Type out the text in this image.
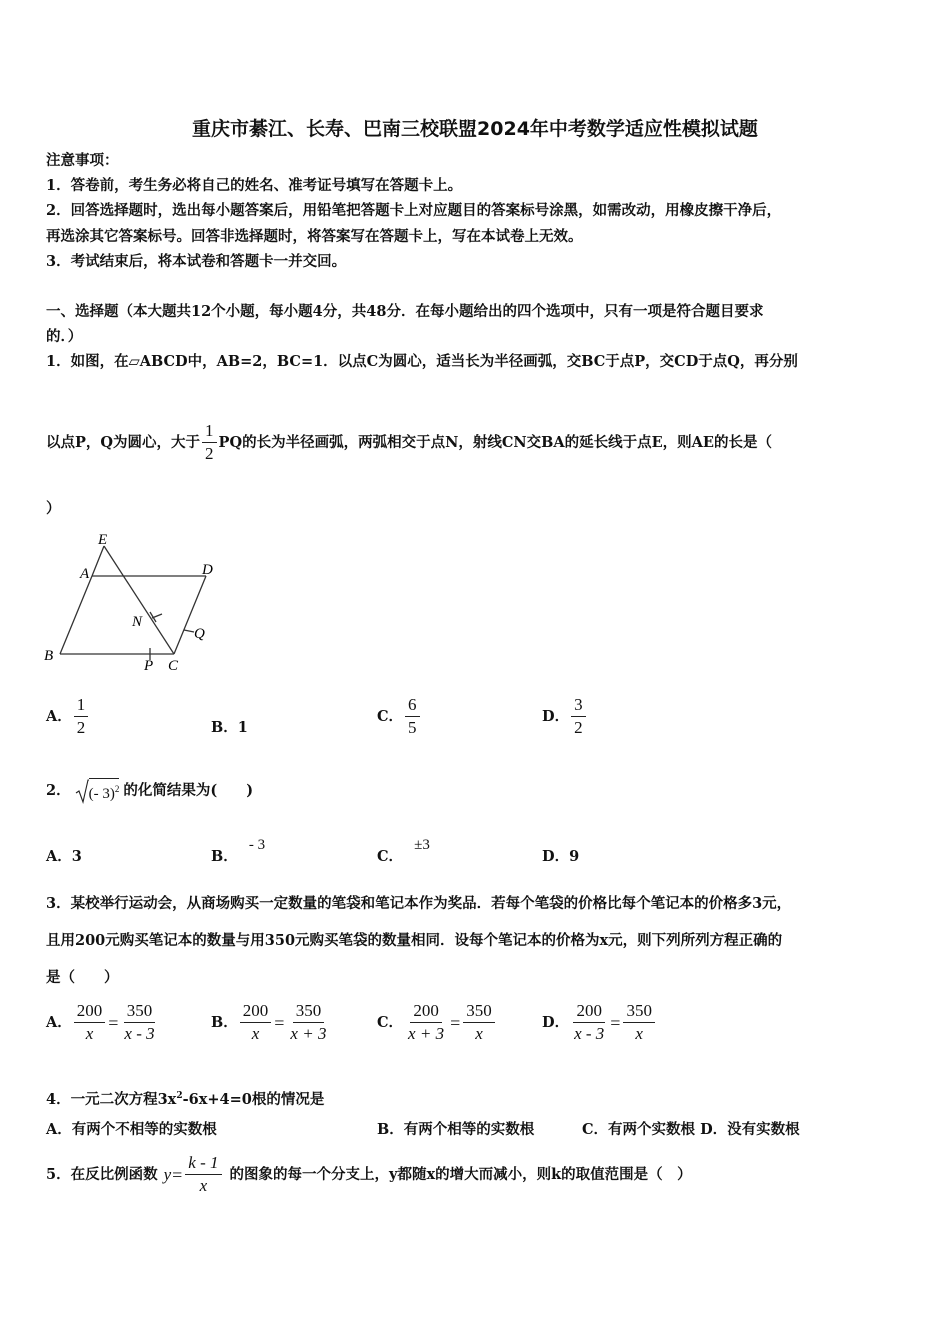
重庆市綦江、长寿、巴南三校联盟2024年中考数学适应性模拟试题
注意事项：
1．答卷前，考生务必将自己的姓名、准考证号填写在答题卡上。
2．回答选择题时，选出每小题答案后，用铅笔把答题卡上对应题目的答案标号涂黑，如需改动，用橡皮擦干净后，
再选涂其它答案标号。回答非选择题时，将答案写在答题卡上，写在本试卷上无效。
3．考试结束后，将本试卷和答题卡一并交回。
一、选择题（本大题共12个小题，每小题4分，共48分．在每小题给出的四个选项中，只有一项是符合题目要求
的．）
1．如图，在▱ABCD中，AB=2，BC=1．以点C为圆心，适当长为半径画弧，交BC于点P，交CD于点Q，再分别
以点P，Q为圆心，大于 $\frac{1}{2}$ PQ的长为半径画弧，两弧相交于点N，射线CN交BA的延长线于点E，则AE的长是（
）
E
A	D
N
Q
B
P C
A． $\frac{1}{2}$	B．1
C． $\frac{6}{5}$	D． $\frac{3}{2}$
2． (- 3)$^2$ 的化简结果为(　　)
A．3	B． - 3
C． ±3
D．9
3．某校举行运动会，从商场购买一定数量的笔袋和笔记本作为奖品．若每个笔袋的价格比每个笔记本的价格多3元，
且用200元购买笔记本的数量与用350元购买笔袋的数量相同．设每个笔记本的价格为x元，则下列所列方程正确的
是（　　）
A． $\frac{200}{x} = \frac{350}{x - 3}$	B． $\frac{200}{x} = \frac{350}{x + 3}$	C． $\frac{200}{x + 3} = \frac{350}{x}$	D． $\frac{200}{x - 3} = \frac{350}{x}$
4．一元二次方程$3x^2-6x+4=0$根的情况是
A．有两个不相等的实数根	B．有两个相等的实数根	C．有两个实数根 D．没有实数根
5．在反比例函数 $y = \frac{k - 1}{x}$ 的图象的每一个分支上，y都随x的增大而减小，则k的取值范围是（　）
